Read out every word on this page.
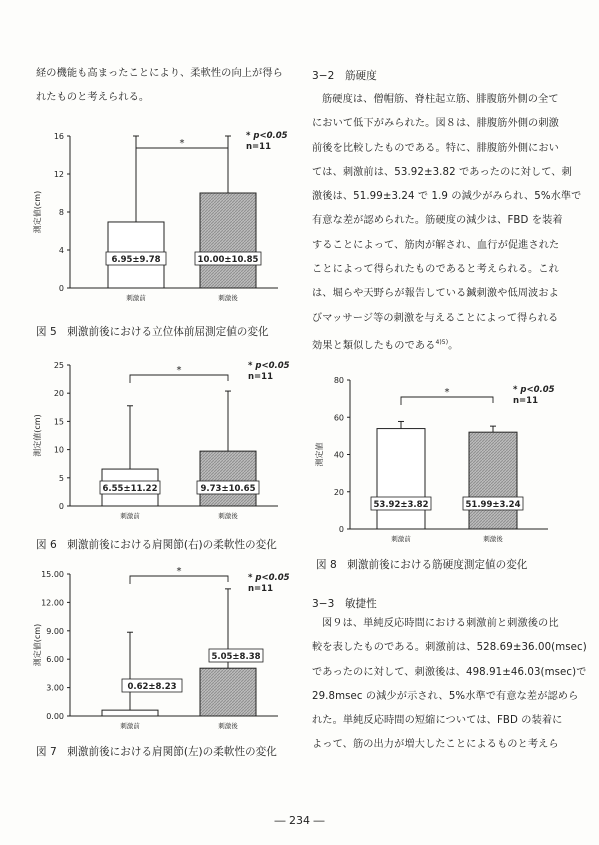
経の機能も高まったことにより、柔軟性の向上が得ら

れたものと考えられる。

0
4
8
12
16
測定値(cm)
刺激前
6.95±9.78
刺激後
10.00±10.85
*
* p<0.05
n=11
図 5　刺激前後における立位体前屈測定値の変化
0
5
10
15
20
25
測定値(cm)
刺激前
6.55±11.22
刺激後
9.73±10.65
*	* p<0.05
n=11
図 6　刺激前後における肩関節(右)の柔軟性の変化
0.00
3.00
6.00
9.00
12.00
15.00
測定値(cm)
刺激前
0.62±8.23
刺激後
5.05±8.38
*
* p<0.05
n=11
図 7　刺激前後における肩関節(左)の柔軟性の変化
0
20
40
60
80
測定値
刺激前
53.92±3.82
刺激後
51.99±3.24
*	* p<0.05
n=11
図 8　刺激前後における筋硬度測定値の変化
3−2　筋硬度

筋硬度は、僧帽筋、脊柱起立筋、腓腹筋外側の全て

において低下がみられた。図８は、腓腹筋外側の刺激

前後を比較したものである。特に、腓腹筋外側におい

ては、刺激前は、53.92±3.82 であったのに対して、刺

激後は、51.99±3.24 で 1.9 の減少がみられ、5%水準で

有意な差が認められた。筋硬度の減少は、FBD を装着

することによって、筋肉が解され、血行が促進された

ことによって得られたものであると考えられる。これ

は、堀らや天野らが報告している鍼刺激や低周波およ

びマッサージ等の刺激を与えることによって得られる

効果と類似したものである$^{4)5)}$。

3−3　敏捷性

図９は、単純反応時間における刺激前と刺激後の比

較を表したものである。刺激前は、528.69±36.00(msec)

であったのに対して、刺激後は、498.91±46.03(msec)で

29.8msec の減少が示され、5%水準で有意な差が認めら

れた。単純反応時間の短縮については、FBD の装着に

よって、筋の出力が増大したことによるものと考えら

― 234 ―
